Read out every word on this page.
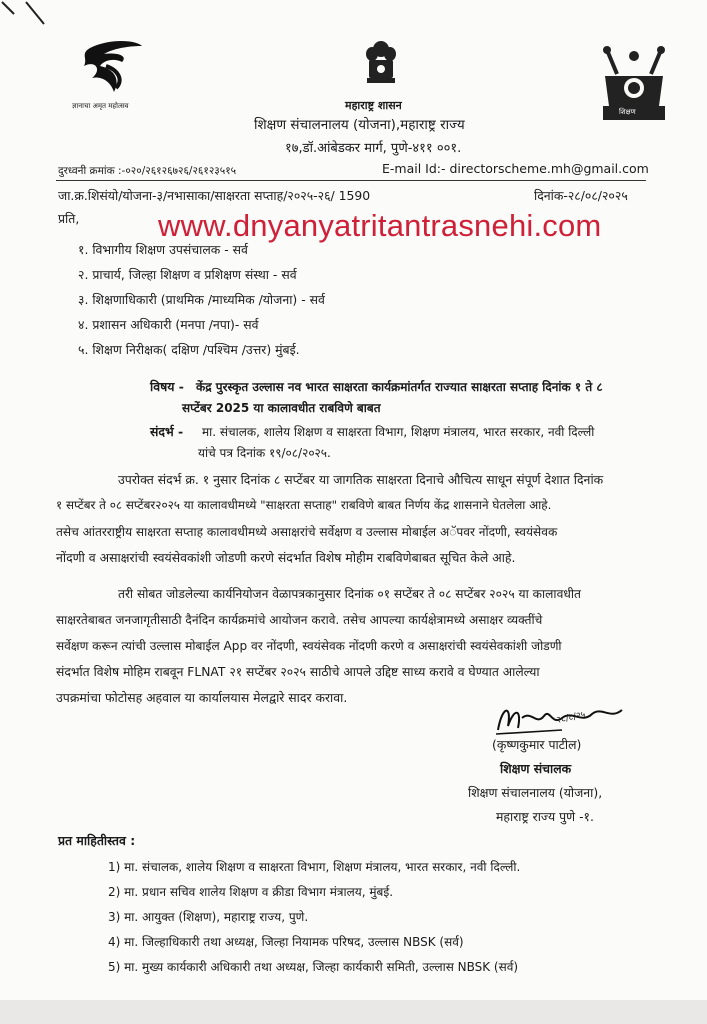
ज्ञानाचा अमृत महोत्सव
शिक्षण
महाराष्ट्र शासन
शिक्षण संचालनालय (योजना),महाराष्ट्र राज्य
१७,डॉ.आंबेडकर मार्ग, पुणे-४११ ००१.
दुरध्वनी क्रमांक :-०२०/२६१२६७२६/२६१२३५१५	E-mail Id:- directorscheme.mh@gmail.com
जा.क्र.शिसंयो/योजना-३/नभासाका/साक्षरता सप्ताह/२०२५-२६/ 1590	दिनांक-२८/०८/२०२५
www.dnyanyatritantrasnehi.com
प्रति,
१. विभागीय शिक्षण उपसंचालक - सर्व
२. प्राचार्य, जिल्हा शिक्षण व प्रशिक्षण संस्था - सर्व
३. शिक्षणाधिकारी (प्राथमिक /माध्यमिक /योजना) - सर्व
४. प्रशासन अधिकारी (मनपा /नपा)- सर्व
५. शिक्षण निरीक्षक( दक्षिण /पश्चिम /उत्तर) मुंबई.
विषय - केंद्र पुरस्कृत उल्लास नव भारत साक्षरता कार्यक्रमांतर्गत राज्यात साक्षरता सप्ताह दिनांक १ ते ८
सप्टेंबर 2025 या कालावधीत राबविणे बाबत
संदर्भ - मा. संचालक, शालेय शिक्षण व साक्षरता विभाग, शिक्षण मंत्रालय, भारत सरकार, नवी दिल्ली
यांचे पत्र दिनांक १९/०८/२०२५.
उपरोक्त संदर्भ क्र. १ नुसार दिनांक ८ सप्टेंबर या जागतिक साक्षरता दिनाचे औचित्य साधून संपूर्ण देशात दिनांक
१ सप्टेंबर ते ०८ सप्टेंबर२०२५ या कालावधीमध्ये "साक्षरता सप्ताह" राबविणे बाबत निर्णय केंद्र शासनाने घेतलेला आहे.
तसेच आंतरराष्ट्रीय साक्षरता सप्ताह कालावधीमध्ये असाक्षरांचे सर्वेक्षण व उल्लास मोबाईल अॅपवर नोंदणी, स्वयंसेवक
नोंदणी व असाक्षरांची स्वयंसेवकांशी जोडणी करणे संदर्भात विशेष मोहीम राबविणेबाबत सूचित केले आहे.
तरी सोबत जोडलेल्या कार्यनियोजन वेळापत्रकानुसार दिनांक ०१ सप्टेंबर ते ०८ सप्टेंबर २०२५ या कालावधीत
साक्षरतेबाबत जनजागृतीसाठी दैनंदिन कार्यक्रमांचे आयोजन करावे. तसेच आपल्या कार्यक्षेत्रामध्ये असाक्षर व्यक्तींचे
सर्वेक्षण करून त्यांची उल्लास मोबाईल App वर नोंदणी, स्वयंसेवक नोंदणी करणे व असाक्षरांची स्वयंसेवकांशी जोडणी
संदर्भात विशेष मोहिम राबवून FLNAT २१ सप्टेंबर २०२५ साठीचे आपले उद्दिष्ट साध्य करावे व घेण्यात आलेल्या
उपक्रमांचा फोटोसह अहवाल या कार्यालयास मेलद्वारे सादर करावा.
२८/८/२५
(कृष्णकुमार पाटील)
शिक्षण संचालक
शिक्षण संचालनालय (योजना),
महाराष्ट्र राज्य पुणे -१.
प्रत माहितीस्तव :
1) मा. संचालक, शालेय शिक्षण व साक्षरता विभाग, शिक्षण मंत्रालय, भारत सरकार, नवी दिल्ली.
2) मा. प्रधान सचिव शालेय शिक्षण व क्रीडा विभाग मंत्रालय, मुंबई.
3) मा. आयुक्त (शिक्षण), महाराष्ट्र राज्य, पुणे.
4) मा. जिल्हाधिकारी तथा अध्यक्ष, जिल्हा नियामक परिषद, उल्लास NBSK (सर्व)
5) मा. मुख्य कार्यकारी अधिकारी तथा अध्यक्ष, जिल्हा कार्यकारी समिती, उल्लास NBSK (सर्व)
